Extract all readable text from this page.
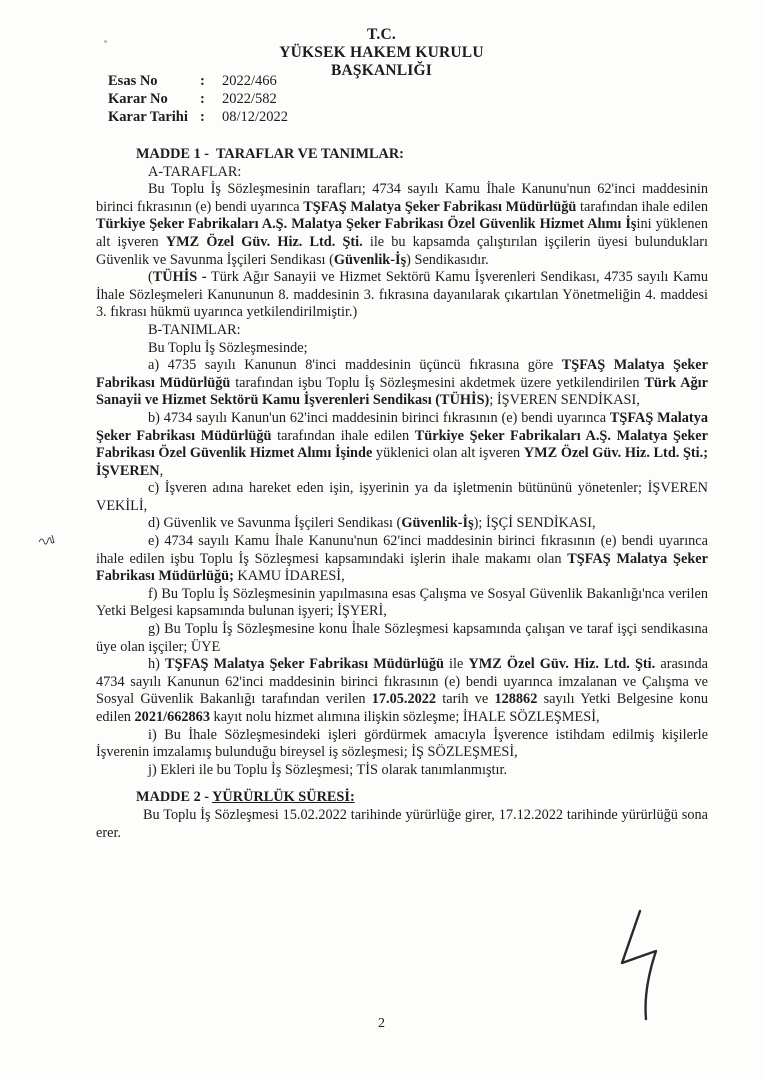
T.C.
YÜKSEK HAKEM KURULU
BAŞKANLIĞI
Esas No	:	2022/466
Karar No	:	2022/582
Karar Tarihi :	08/12/2022

MADDE 1 - TARAFLAR VE TANIMLAR:

A-TARAFLAR:

Bu Toplu İş Sözleşmesinin tarafları; 4734 sayılı Kamu İhale Kanunu'nun 62'inci maddesinin birinci fıkrasının (e) bendi uyarınca TŞFAŞ Malatya Şeker Fabrikası Müdürlüğü tarafından ihale edilen Türkiye Şeker Fabrikaları A.Ş. Malatya Şeker Fabrikası Özel Güvenlik Hizmet Alımı İşini yüklenen alt işveren YMZ Özel Güv. Hiz. Ltd. Şti. ile bu kapsamda çalıştırılan işçilerin üyesi bulundukları Güvenlik ve Savunma İşçileri Sendikası (Güvenlik-İş) Sendikasıdır.

(TÜHİS - Türk Ağır Sanayii ve Hizmet Sektörü Kamu İşverenleri Sendikası, 4735 sayılı Kamu İhale Sözleşmeleri Kanununun 8. maddesinin 3. fıkrasına dayanılarak çıkartılan Yönetmeliğin 4. maddesi 3. fıkrası hükmü uyarınca yetkilendirilmiştir.)

B-TANIMLAR:

Bu Toplu İş Sözleşmesinde;

a) 4735 sayılı Kanunun 8'inci maddesinin üçüncü fıkrasına göre TŞFAŞ Malatya Şeker Fabrikası Müdürlüğü tarafından işbu Toplu İş Sözleşmesini akdetmek üzere yetkilendirilen Türk Ağır Sanayii ve Hizmet Sektörü Kamu İşverenleri Sendikası (TÜHİS); İŞVEREN SENDİKASI,

b) 4734 sayılı Kanun'un 62'inci maddesinin birinci fıkrasının (e) bendi uyarınca TŞFAŞ Malatya Şeker Fabrikası Müdürlüğü tarafından ihale edilen Türkiye Şeker Fabrikaları A.Ş. Malatya Şeker Fabrikası Özel Güvenlik Hizmet Alımı İşinde yüklenici olan alt işveren YMZ Özel Güv. Hiz. Ltd. Şti.; İŞVEREN,

c) İşveren adına hareket eden işin, işyerinin ya da işletmenin bütününü yönetenler; İŞVEREN VEKİLİ,

d) Güvenlik ve Savunma İşçileri Sendikası (Güvenlik-İş); İŞÇİ SENDİKASI,

e) 4734 sayılı Kamu İhale Kanunu'nun 62'inci maddesinin birinci fıkrasının (e) bendi uyarınca ihale edilen işbu Toplu İş Sözleşmesi kapsamındaki işlerin ihale makamı olan TŞFAŞ Malatya Şeker Fabrikası Müdürlüğü; KAMU İDARESİ,

f) Bu Toplu İş Sözleşmesinin yapılmasına esas Çalışma ve Sosyal Güvenlik Bakanlığı'nca verilen Yetki Belgesi kapsamında bulunan işyeri; İŞYERİ,

g) Bu Toplu İş Sözleşmesine konu İhale Sözleşmesi kapsamında çalışan ve taraf işçi sendikasına üye olan işçiler; ÜYE

h) TŞFAŞ Malatya Şeker Fabrikası Müdürlüğü ile YMZ Özel Güv. Hiz. Ltd. Şti. arasında 4734 sayılı Kanunun 62'inci maddesinin birinci fıkrasının (e) bendi uyarınca imzalanan ve Çalışma ve Sosyal Güvenlik Bakanlığı tarafından verilen 17.05.2022 tarih ve 128862 sayılı Yetki Belgesine konu edilen 2021/662863 kayıt nolu hizmet alımına ilişkin sözleşme; İHALE SÖZLEŞMESİ,

i) Bu İhale Sözleşmesindeki işleri gördürmek amacıyla İşverence istihdam edilmiş kişilerle İşverenin imzalamış bulunduğu bireysel iş sözleşmesi; İŞ SÖZLEŞMESİ,

j) Ekleri ile bu Toplu İş Sözleşmesi; TİS olarak tanımlanmıştır.

MADDE 2 - YÜRÜRLÜK SÜRESİ:

Bu Toplu İş Sözleşmesi 15.02.2022 tarihinde yürürlüğe girer, 17.12.2022 tarihinde yürürlüğü sona erer.

2
